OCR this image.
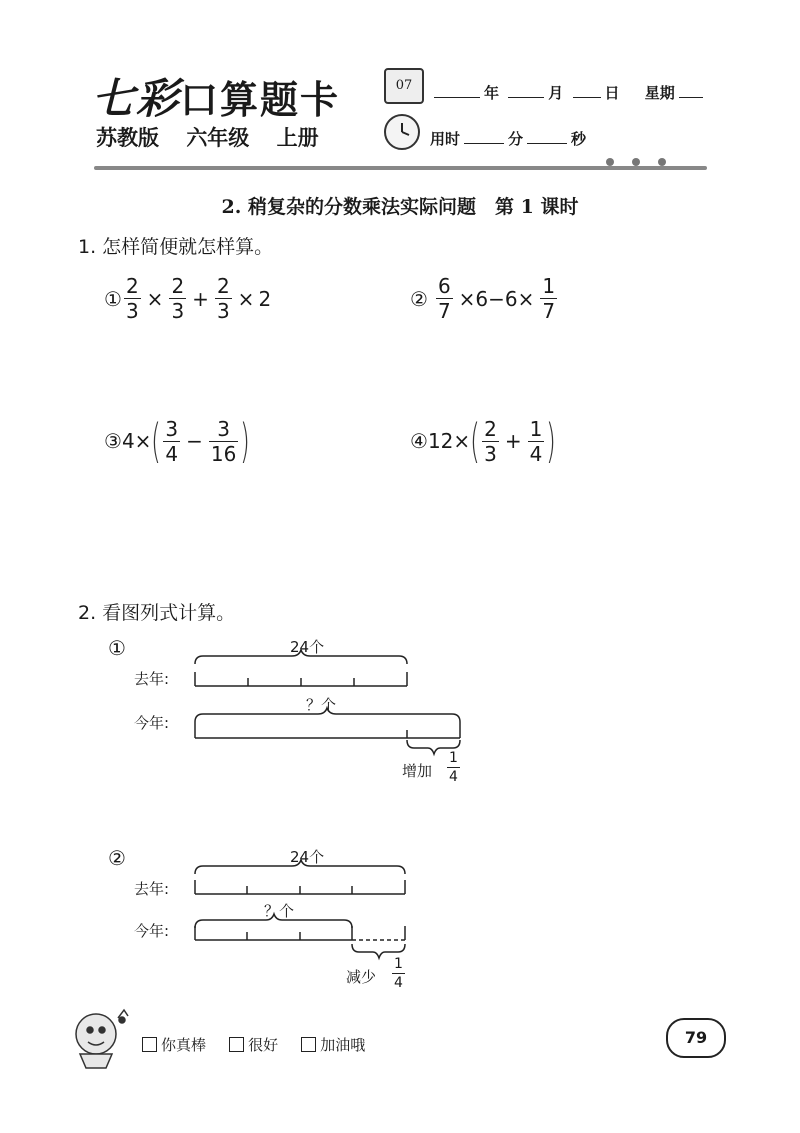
七彩口算题卡
苏教版 六年级 上册
07	年	月	日 星期
用时	分	秒
2. 稍复杂的分数乘法实际问题　第 1 课时
1. 怎样简便就怎样算。
① $\frac{2}{3} \times \frac{2}{3} + \frac{2}{3} \times 2$	② $\frac{6}{7} \times 6-6\times \frac{1}{7}$
③ 4× ( $\frac{3}{4} - \frac{3}{16}$ )	④ 12× ( $\frac{2}{3} + \frac{1}{4}$ )
2. 看图列式计算。
①	24个
去年:
今年:
？个
增加 $\frac{1}{4}$
②	24个
去年:
今年:
？个
减少 $\frac{1}{4}$
你真棒
	很好
	加油哦	79
